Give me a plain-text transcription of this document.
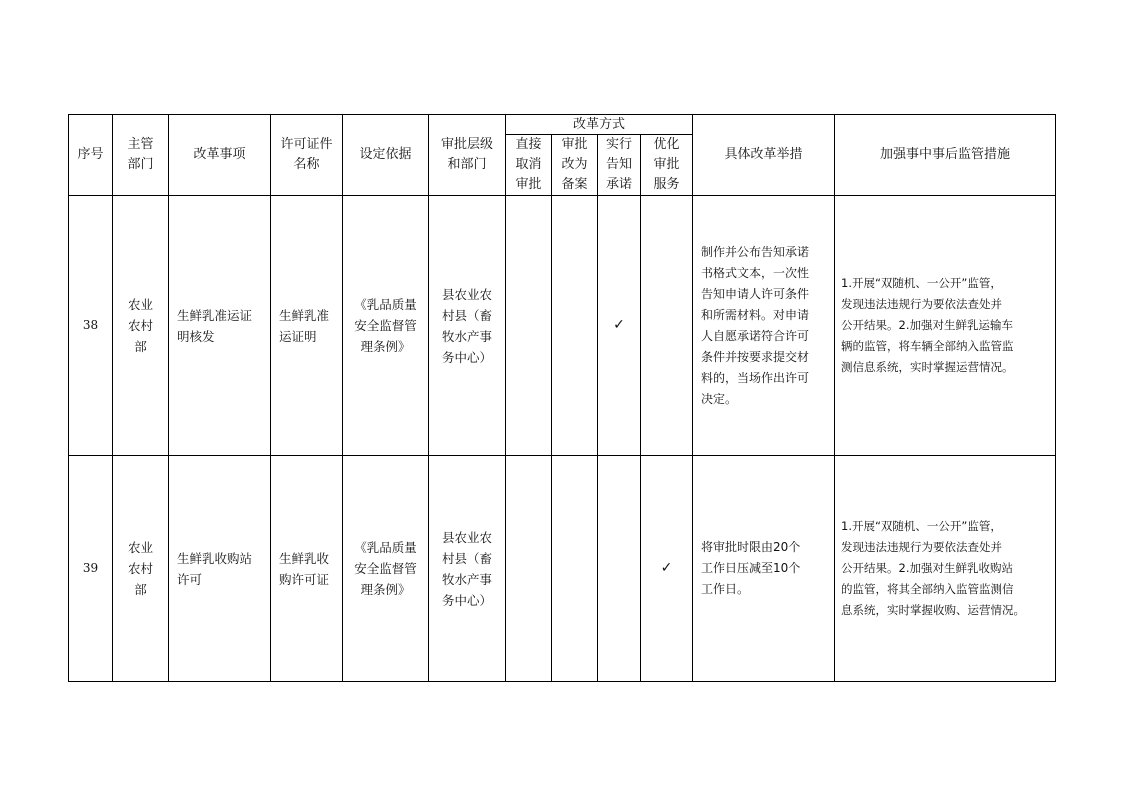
序号
主管
部门
改革事项
许可证件
名称
设定依据
审批层级
和部门
改革方式
直接
取消
审批
审批
改为
备案
实行
告知
承诺
优化
审批
服务
具体改革举措	加强事中事后监管措施
38
农业
农村
部
生鲜乳准运证
明核发
生鲜乳准
运证明
《乳品质量
安全监督管
理条例》
县农业农
村县（畜
牧水产事
务中心）
✓
制作并公布告知承诺
书格式文本，一次性
告知申请人许可条件
和所需材料。对申请
人自愿承诺符合许可
条件并按要求提交材
料的，当场作出许可
决定。
1.开展“双随机、一公开”监管，
发现违法违规行为要依法查处并
公开结果。2.加强对生鲜乳运输车
辆的监管，将车辆全部纳入监管监
测信息系统，实时掌握运营情况。
39
农业
农村
部
生鲜乳收购站
许可
生鲜乳收
购许可证
《乳品质量
安全监督管
理条例》
县农业农
村县（畜
牧水产事
务中心）
✓
将审批时限由20个
工作日压减至10个
工作日。
1.开展“双随机、一公开”监管，
发现违法违规行为要依法查处并
公开结果。2.加强对生鲜乳收购站
的监管，将其全部纳入监管监测信
息系统，实时掌握收购、运营情况。
